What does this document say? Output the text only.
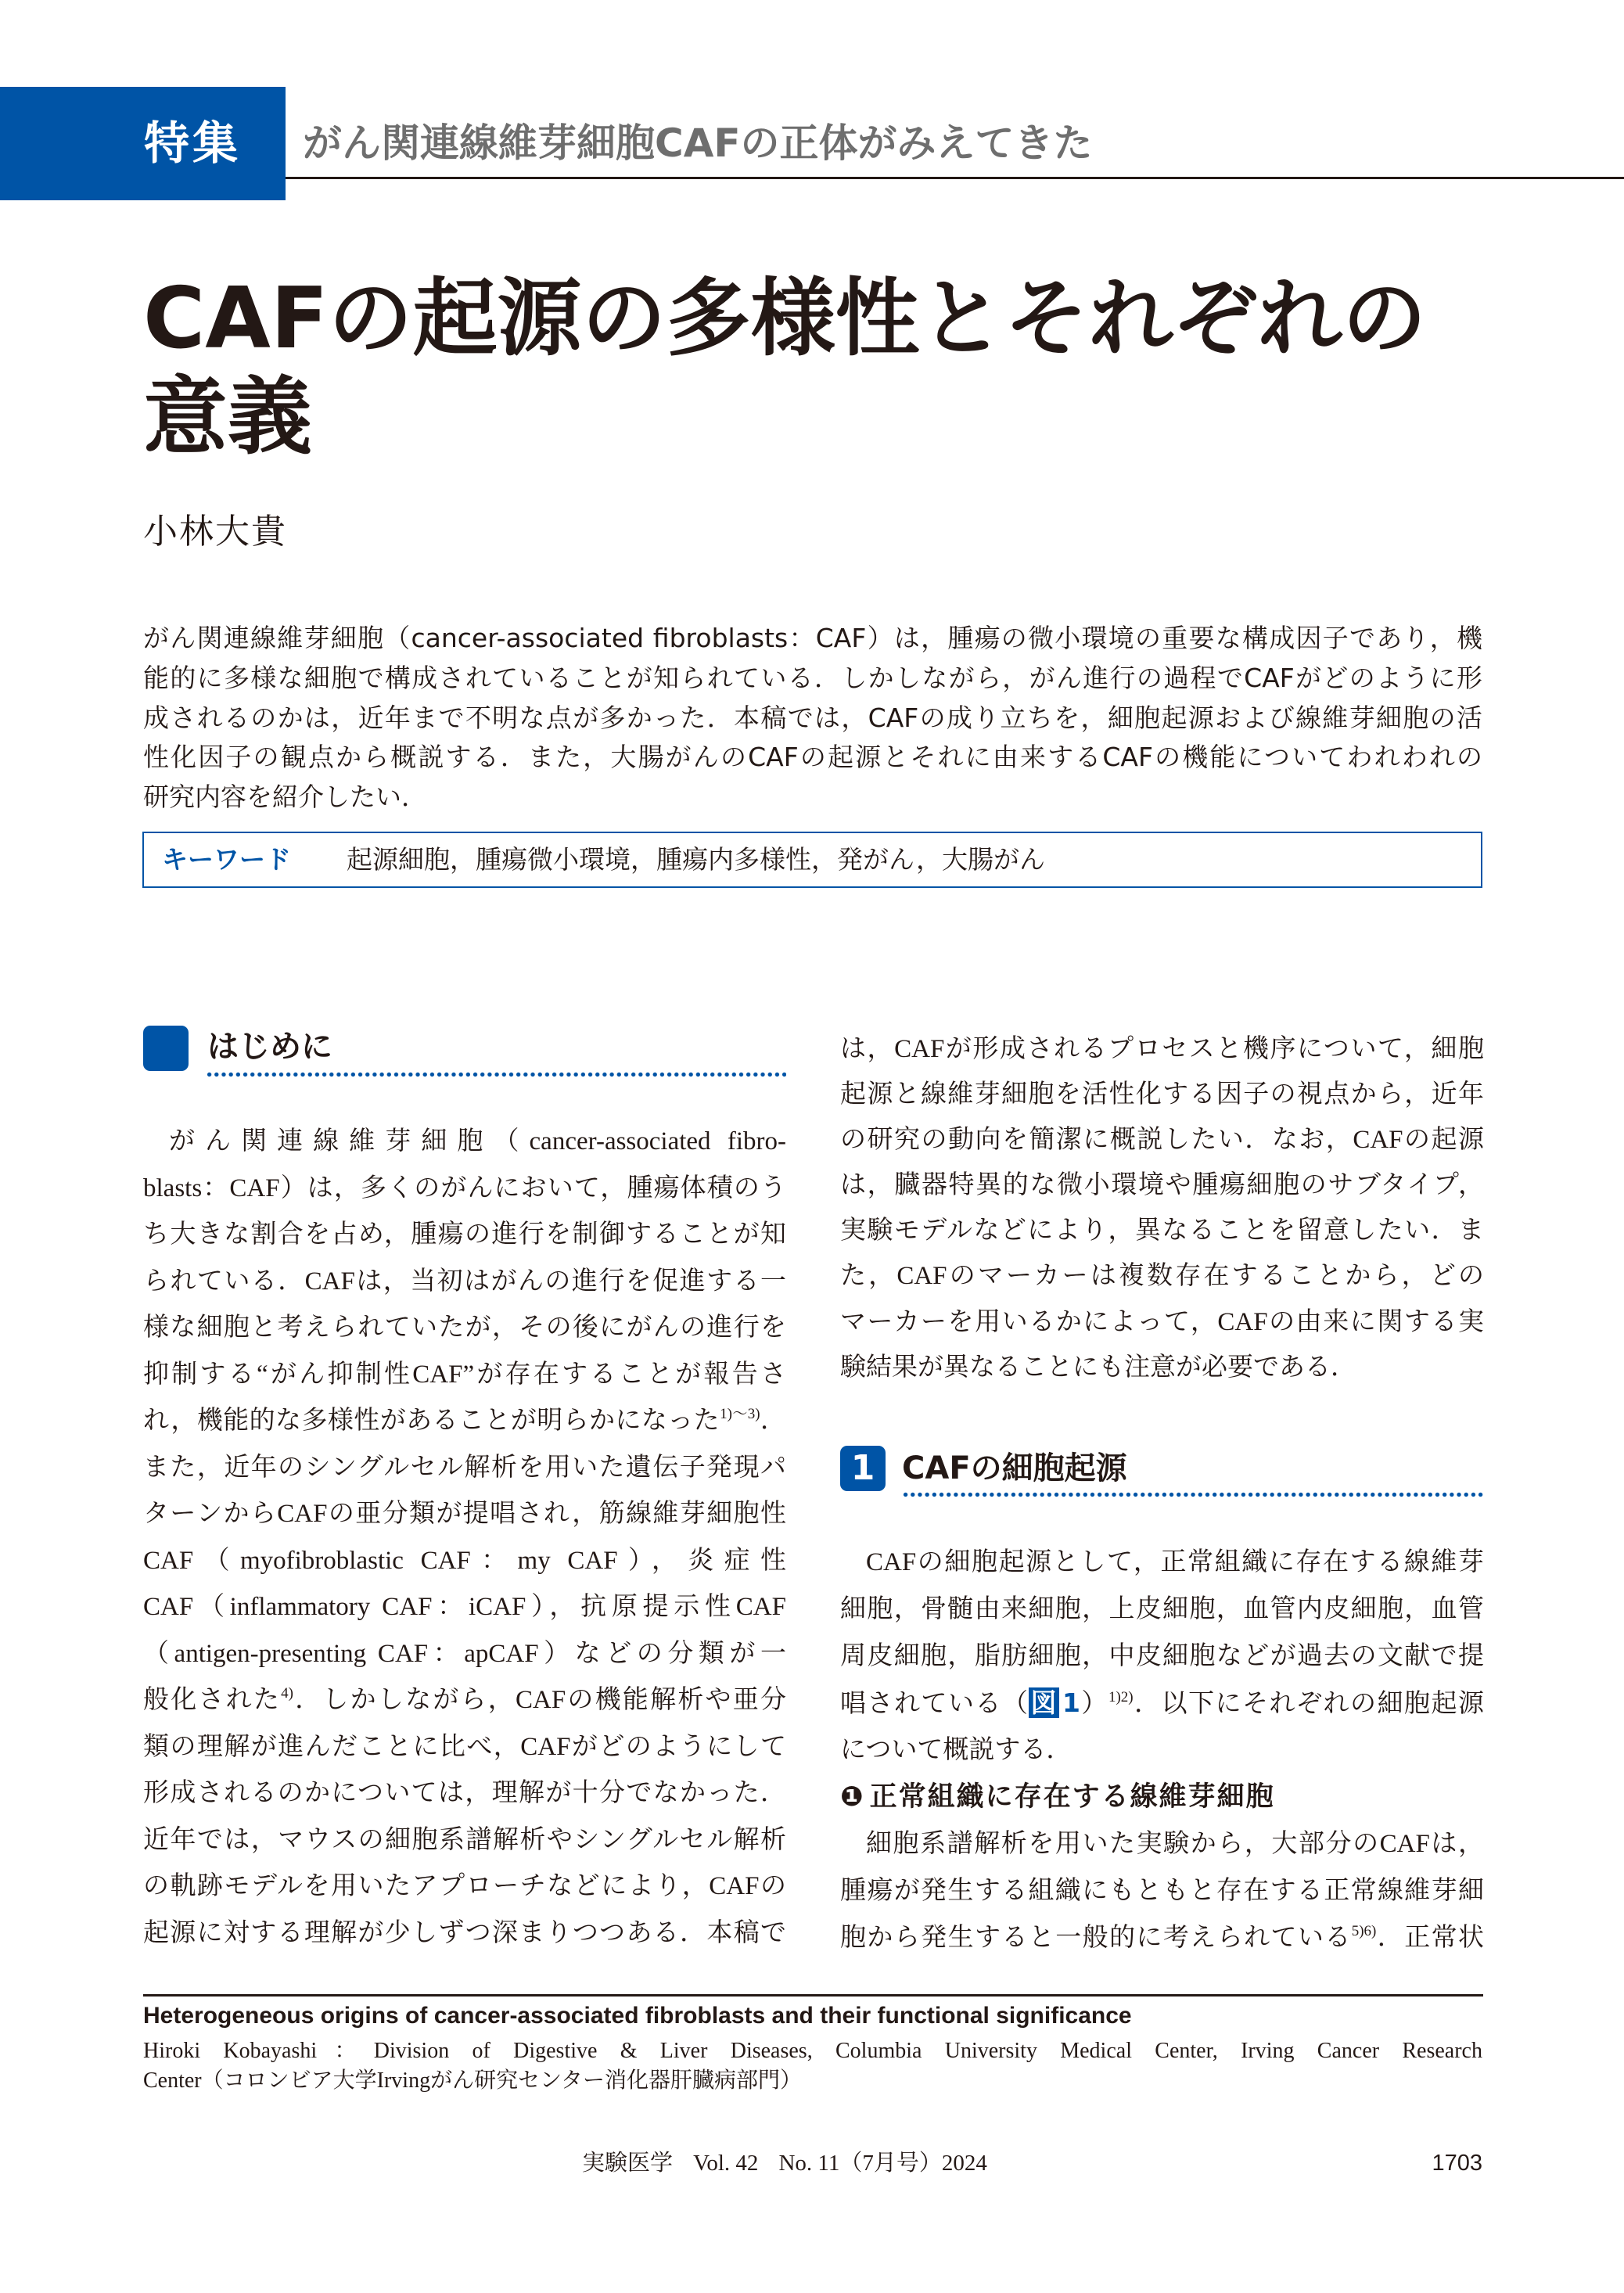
特集 がん関連線維芽細胞CAFの正体がみえてきた
CAFの起源の多様性とそれぞれの
意義
小林大貴
がん関連線維芽細胞（cancer-associated fibroblasts：CAF）は，腫瘍の微小環境の重要な構成因子であり，機
能的に多様な細胞で構成されていることが知られている．しかしながら，がん進行の過程でCAFがどのように形
成されるのかは，近年まで不明な点が多かった．本稿では，CAFの成り立ちを，細胞起源および線維芽細胞の活
性化因子の観点から概説する．また，大腸がんのCAFの起源とそれに由来するCAFの機能についてわれわれの
研究内容を紹介したい．
キーワード 起源細胞，腫瘍微小環境，腫瘍内多様性，発がん，大腸がん
はじめに
がん関連線維芽細胞（cancer-associated fibro-
blasts：CAF）は，多くのがんにおいて，腫瘍体積のう
ち大きな割合を占め，腫瘍の進行を制御することが知
られている．CAFは，当初はがんの進行を促進する一
様な細胞と考えられていたが，その後にがんの進行を
抑制する“がん抑制性CAF”が存在することが報告さ
れ，機能的な多様性があることが明らかになった$^{1)\sim 3)}$．
また，近年のシングルセル解析を用いた遺伝子発現パ
ターンからCAFの亜分類が提唱され，筋線維芽細胞性
CAF（myofibroblastic CAF：my CAF），炎症性
CAF（inflammatory CAF：iCAF），抗原提示性CAF
（antigen-presenting CAF：apCAF）などの分類が一
般化された$^{4)}$．しかしながら，CAFの機能解析や亜分
類の理解が進んだことに比べ，CAFがどのようにして
形成されるのかについては，理解が十分でなかった．
近年では，マウスの細胞系譜解析やシングルセル解析
の軌跡モデルを用いたアプローチなどにより，CAFの
起源に対する理解が少しずつ深まりつつある．本稿で
は，CAFが形成されるプロセスと機序について，細胞
起源と線維芽細胞を活性化する因子の視点から，近年
の研究の動向を簡潔に概説したい．なお，CAFの起源
は，臓器特異的な微小環境や腫瘍細胞のサブタイプ，
実験モデルなどにより，異なることを留意したい．ま
た，CAFのマーカーは複数存在することから，どの
マーカーを用いるかによって，CAFの由来に関する実
験結果が異なることにも注意が必要である．
1 CAFの細胞起源
CAFの細胞起源として，正常組織に存在する線維芽
細胞，骨髄由来細胞，上皮細胞，血管内皮細胞，血管
周皮細胞，脂肪細胞，中皮細胞などが過去の文献で提
唱されている（図 1）$^{1)2)}$．以下にそれぞれの細胞起源
について概説する．
❶ 正常組織に存在する線維芽細胞
細胞系譜解析を用いた実験から，大部分のCAFは，
腫瘍が発生する組織にもともと存在する正常線維芽細
胞から発生すると一般的に考えられている$^{5)6)}$．正常状
Heterogeneous origins of cancer-associated fibroblasts and their functional significance
Hiroki Kobayashi：Division of Digestive & Liver Diseases, Columbia University Medical Center, Irving Cancer Research
Center（コロンビア大学Irvingがん研究センター消化器肝臓病部門）
実験医学 Vol. 42 No. 11（7月号）2024	1703
